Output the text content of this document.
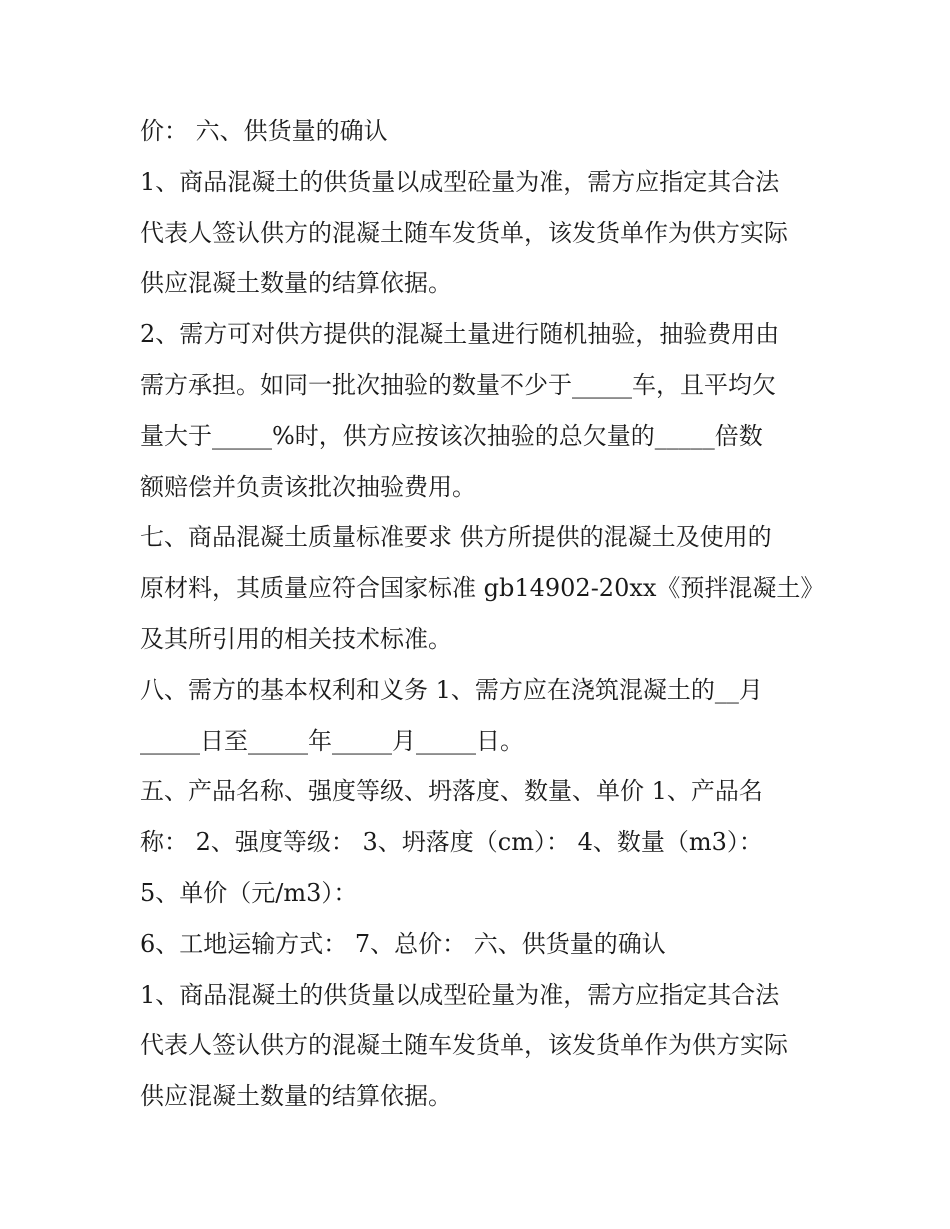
价： 六、供货量的确认
1、商品混凝土的供货量以成型砼量为准，需方应指定其合法
代表人签认供方的混凝土随车发货单，该发货单作为供方实际
供应混凝土数量的结算依据。
2、需方可对供方提供的混凝土量进行随机抽验，抽验费用由
需方承担。如同一批次抽验的数量不少于_____车，且平均欠
量大于_____%时，供方应按该次抽验的总欠量的_____倍数
额赔偿并负责该批次抽验费用。
七、商品混凝土质量标准要求 供方所提供的混凝土及使用的
原材料，其质量应符合国家标准 gb14902-20xx《预拌混凝土》
及其所引用的相关技术标准。
八、需方的基本权利和义务 1、需方应在浇筑混凝土的__月
_____日至_____年_____月_____日。
五、产品名称、强度等级、坍落度、数量、单价 1、产品名
称： 2、强度等级： 3、坍落度（cm）： 4、数量（m3）：
5、单价（元/m3）：
6、工地运输方式： 7、总价： 六、供货量的确认
1、商品混凝土的供货量以成型砼量为准，需方应指定其合法
代表人签认供方的混凝土随车发货单，该发货单作为供方实际
供应混凝土数量的结算依据。
